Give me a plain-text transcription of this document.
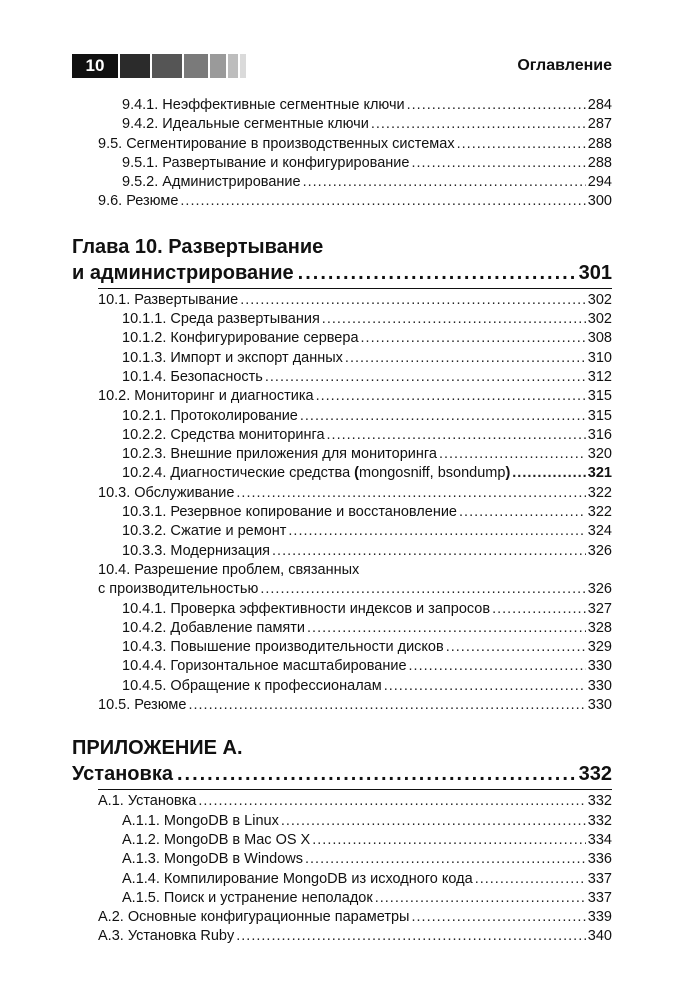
10	Оглавление
9.4.1. Неэффективные сегментные ключи .....	284
9.4.2. Идеальные сегментные ключи .....	287
9.5. Сегментирование в производственных системах .....	288
9.5.1. Развертывание и конфигурирование .....	288
9.5.2. Администрирование .....	294
9.6. Резюме .....	300
Глава 10. Развертывание
и администрирование .....	301
10.1. Развертывание .....	302
10.1.1. Среда развертывания .....	302
10.1.2. Конфигурирование сервера .....	308
10.1.3. Импорт и экспорт данных .....	310
10.1.4. Безопасность .....	312
10.2. Мониторинг и диагностика .....	315
10.2.1. Протоколирование .....	315
10.2.2. Средства мониторинга .....	316
10.2.3. Внешние приложения для мониторинга .....	320
10.2.4. Диагностические средства (mongosniff, bsondump) .....	321
10.3. Обслуживание .....	322
10.3.1. Резервное копирование и восстановление .....	322
10.3.2. Сжатие и ремонт .....	324
10.3.3. Модернизация .....	326
10.4. Разрешение проблем, связанных
с производительностью .....	326
10.4.1. Проверка эффективности индексов и запросов .....	327
10.4.2. Добавление памяти .....	328
10.4.3. Повышение производительности дисков .....	329
10.4.4. Горизонтальное масштабирование .....	330
10.4.5. Обращение к профессионалам .....	330
10.5. Резюме .....	330
ПРИЛОЖЕНИЕ А.
Установка .....	332
А.1. Установка .....	332
А.1.1. MongoDB в Linux .....	332
А.1.2. MongoDB в Mac OS X .....	334
А.1.3. MongoDB в Windows .....	336
А.1.4. Компилирование MongoDB из исходного кода .....	337
А.1.5. Поиск и устранение неполадок .....	337
А.2. Основные конфигурационные параметры .....	339
А.3. Установка Ruby .....	340
